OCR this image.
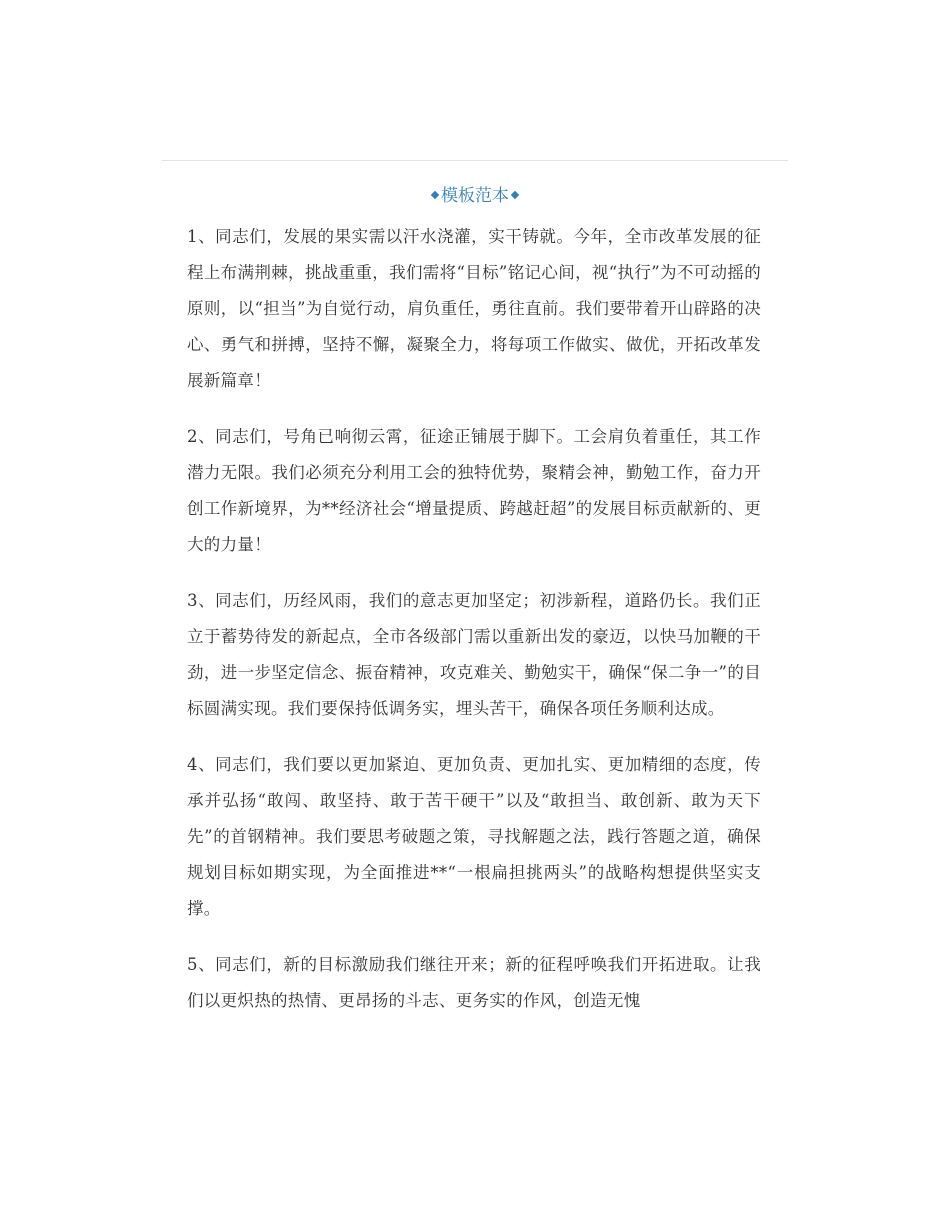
模板范本

1、同志们，发展的果实需以汗水浇灌，实干铸就。今年，全市改革发展的征程上布满荆棘，挑战重重，我们需将“目标”铭记心间，视“执行”为不可动摇的原则，以“担当”为自觉行动，肩负重任，勇往直前。我们要带着开山辟路的决心、勇气和拼搏，坚持不懈，凝聚全力，将每项工作做实、做优，开拓改革发展新篇章！

2、同志们，号角已响彻云霄，征途正铺展于脚下。工会肩负着重任，其工作潜力无限。我们必须充分利用工会的独特优势，聚精会神，勤勉工作，奋力开创工作新境界，为**经济社会“增量提质、跨越赶超”的发展目标贡献新的、更大的力量！

3、同志们，历经风雨，我们的意志更加坚定；初涉新程，道路仍长。我们正立于蓄势待发的新起点，全市各级部门需以重新出发的豪迈，以快马加鞭的干劲，进一步坚定信念、振奋精神，攻克难关、勤勉实干，确保“保二争一”的目标圆满实现。我们要保持低调务实，埋头苦干，确保各项任务顺利达成。

4、同志们，我们要以更加紧迫、更加负责、更加扎实、更加精细的态度，传承并弘扬“敢闯、敢坚持、敢于苦干硬干”以及“敢担当、敢创新、敢为天下先”的首钢精神。我们要思考破题之策，寻找解题之法，践行答题之道，确保规划目标如期实现，为全面推进**“一根扁担挑两头”的战略构想提供坚实支撑。

5、同志们，新的目标激励我们继往开来；新的征程呼唤我们开拓进取。让我们以更炽热的热情、更昂扬的斗志、更务实的作风，创造无愧
